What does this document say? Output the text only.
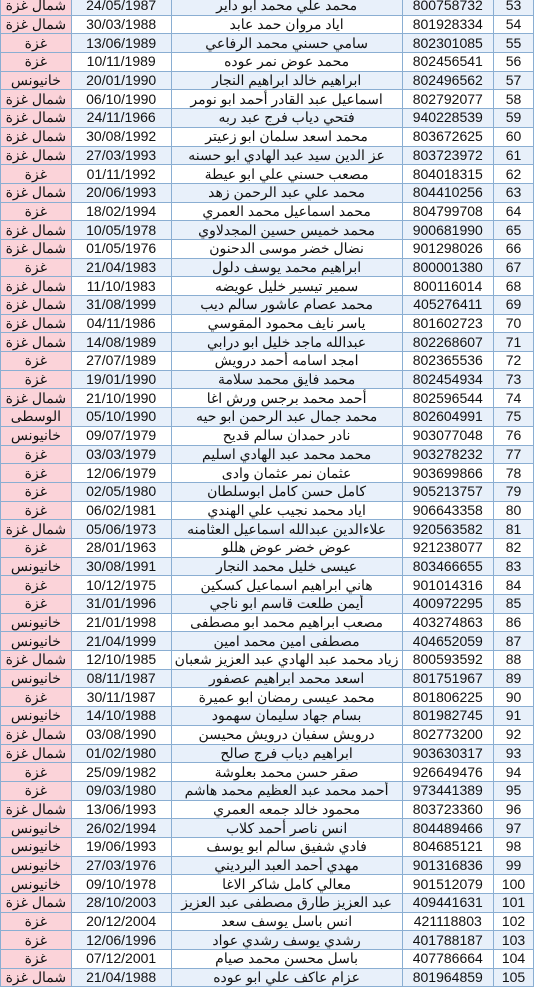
شمال غزة	24/05/1987	محمد علي محمد ابو داير	800758732	53
شمال غزة	30/03/1988	اياد مروان حمد عابد	801928334	54
غزة	13/06/1989	سامي حسني محمد الرفاعي	802301085	55
غزة	10/11/1989	محمد عوض نمر عوده	802456541	56
خانيونس	20/01/1990	ابراهيم خالد ابراهيم النجار	802496562	57
شمال غزة	06/10/1990	اسماعيل عبد القادر أحمد ابو نومر	802792077	58
شمال غزة	24/11/1966	فتحي دياب فرج عبد ربه	940228539	59
شمال غزة	30/08/1992	محمد اسعد سلمان ابو زعيتر	803672625	60
شمال غزة	27/03/1993	عز الدين سيد عبد الهادي ابو حسنه	803723972	61
غزة	01/11/1992	مصعب حسني علي ابو عيطة	804018315	62
شمال غزة	20/06/1993	محمد علي عبد الرحمن زهد	804410256	63
غزة	18/02/1994	محمد اسماعيل محمد العمري	804799708	64
شمال غزة	10/05/1978	محمد خميس حسين المجدلاوي	900681990	65
شمال غزة	01/05/1976	نضال خضر موسى الدحنون	901298026	66
غزة	21/04/1983	ابراهيم محمد يوسف دلول	800001380	67
شمال غزة	11/10/1983	سمير تيسير خليل عويضه	800116014	68
شمال غزة	31/08/1999	محمد عصام عاشور سالم ديب	405276411	69
شمال غزة	04/11/1986	ياسر نايف محمود المقوسي	801602723	70
شمال غزة	14/08/1989	عبدالله ماجد خليل ابو درابي	802268607	71
غزة	27/07/1989	امجد اسامه أحمد درويش	802365536	72
غزة	19/01/1990	محمد فايق محمد سلامة	802454934	73
شمال غزة	21/10/1990	أحمد محمد برجس ورش اغا	802596544	74
الوسطى	05/10/1990	محمد جمال عبد الرحمن ابو حيه	802604991	75
خانيونس	09/07/1979	نادر حمدان سالم قديح	903077048	76
غزة	03/03/1979	محمد محمد عبد الهادي اسليم	903278232	77
غزة	12/06/1979	عثمان نمر عثمان وادى	903699866	78
غزة	02/05/1980	كامل حسن كامل ابوسلطان	905213757	79
غزة	06/02/1981	اياد محمد نجيب علي الهندي	906643358	80
شمال غزة	05/06/1973	علاءالدين عبدالله اسماعيل العثامنه	920563582	81
غزة	28/01/1963	عوض خضر عوض هللو	921238077	82
خانيونس	30/08/1991	عيسى خليل محمد النجار	803466655	83
غزة	10/12/1975	هاني ابراهيم اسماعيل كسكين	901014316	84
غزة	31/01/1996	أيمن طلعت قاسم ابو ناجي	400972295	85
خانيونس	21/01/1998	مصعب ابراهيم محمد ابو مصطفى	403274863	86
خانيونس	21/04/1999	مصطفى امين محمد امين	404652059	87
شمال غزة	12/10/1985	زياد محمد عبد الهادي عبد العزيز شعبان	800593592	88
خانيونس	08/11/1987	اسعد محمد ابراهيم عصفور	801751967	89
غزة	30/11/1987	محمد عيسى رمضان ابو عميرة	801806225	90
خانيونس	14/10/1988	بسام جهاد سليمان سهمود	801982745	91
شمال غزة	03/08/1990	درويش سفيان درويش محيسن	802773200	92
شمال غزة	01/02/1980	ابراهيم دياب فرج صالح	903630317	93
غزة	25/09/1982	صقر حسن محمد بعلوشة	926649476	94
غزة	09/03/1980	أحمد محمد عبد العظيم محمد هاشم	973441389	95
شمال غزة	13/06/1993	محمود خالد جمعه العمري	803723360	96
خانيونس	26/02/1994	انس ناصر أحمد كلاب	804489466	97
خانيونس	19/06/1993	فادي شفيق سالم ابو يوسف	804685121	98
خانيونس	27/03/1976	مهدي أحمد العبد البرديني	901316836	99
خانيونس	09/10/1978	معالي كامل شاكر الاغا	901512079	100
شمال غزة	28/10/2003	عبد العزيز طارق مصطفى عبد العزيز	409441631	101
غزة	20/12/2004	انس باسل يوسف سعد	421118803	102
غزة	12/06/1996	رشدي يوسف رشدي عواد	401788187	103
غزة	07/12/2001	باسل محسن محمد صيام	407786664	104
شمال غزة	21/04/1988	عزام عاكف علي ابو عوده	801964859	105
